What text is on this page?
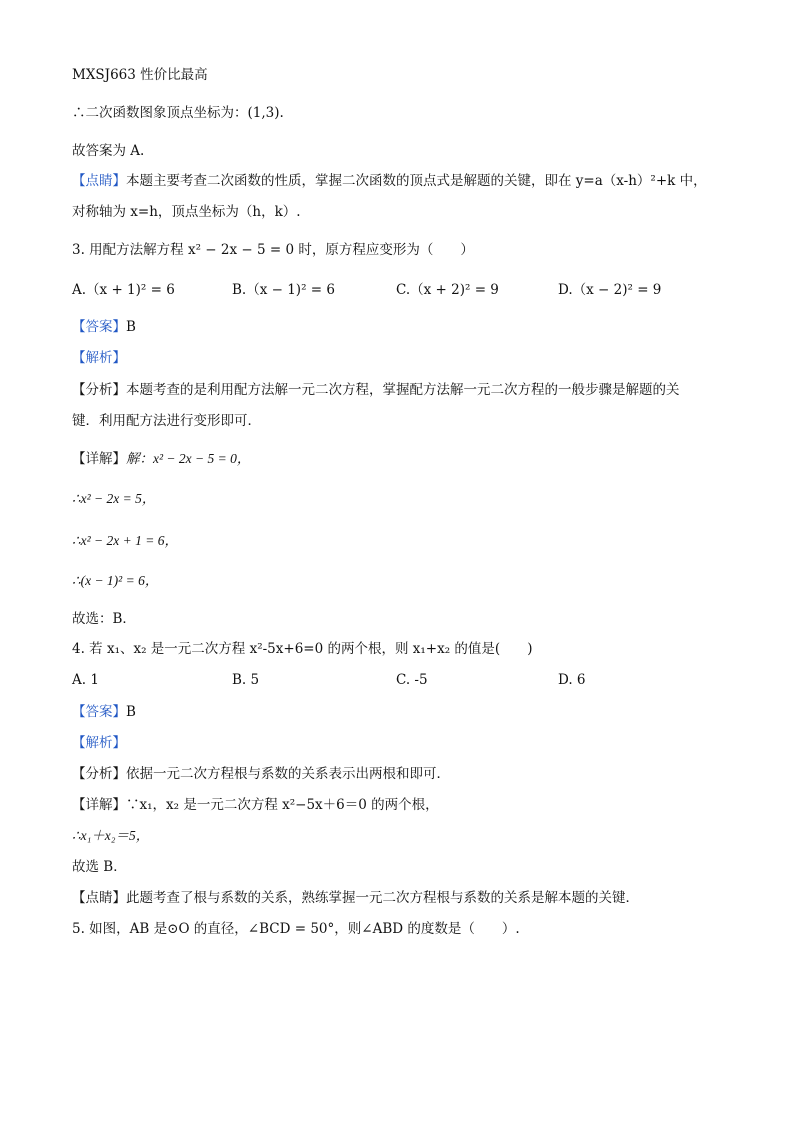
MXSJ663 性价比最高
∴二次函数图象顶点坐标为：(1,3).
故答案为 A.
【点睛】本题主要考查二次函数的性质，掌握二次函数的顶点式是解题的关键，即在 y=a（x-h）²+k 中，
对称轴为 x=h，顶点坐标为（h，k）.
3. 用配方法解方程 x² − 2x − 5 = 0 时，原方程应变形为（　　）
A.（x + 1)² = 6	B.（x − 1)² = 6	C.（x + 2)² = 9	D.（x − 2)² = 9
【答案】B
【解析】
【分析】本题考查的是利用配方法解一元二次方程，掌握配方法解一元二次方程的一般步骤是解题的关
键．利用配方法进行变形即可．
【详解】解：x² − 2x − 5 = 0，
∴x² − 2x = 5，
∴x² − 2x + 1 = 6，
∴(x − 1)² = 6，
故选：B．
4. 若 x₁、x₂ 是一元二次方程 x²-5x+6=0 的两个根，则 x₁+x₂ 的值是(　　)
A. 1	B. 5	C. -5	D. 6
【答案】B
【解析】
【分析】依据一元二次方程根与系数的关系表示出两根和即可．
【详解】∵x₁，x₂ 是一元二次方程 x²−5x＋6＝0 的两个根，
∴x₁＋x₂＝5，
故选 B．
【点睛】此题考查了根与系数的关系，熟练掌握一元二次方程根与系数的关系是解本题的关键．
5. 如图，AB 是⊙O 的直径，∠BCD = 50°，则∠ABD 的度数是（　　）.
